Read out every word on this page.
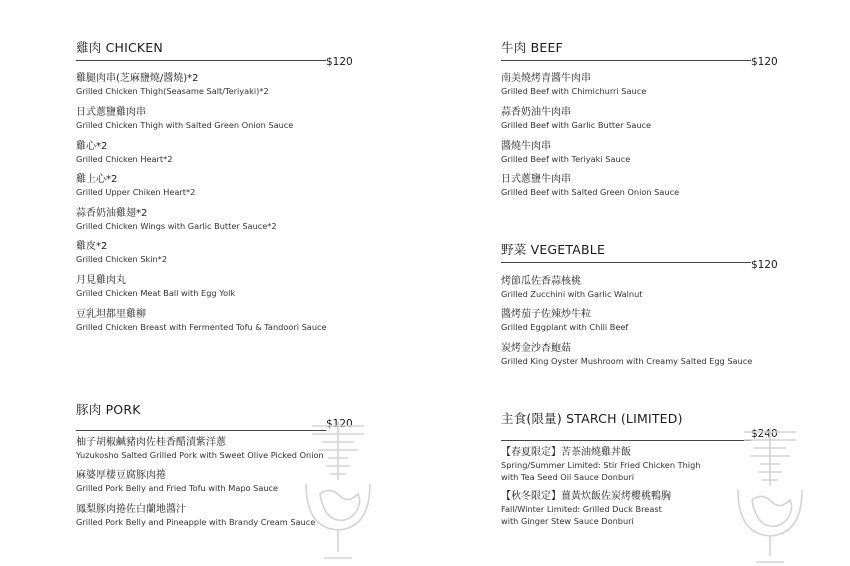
雞肉 CHICKEN
$120
雞腿肉串(芝麻鹽燒/醬燒)*2
Grilled Chicken Thigh(Seasame Salt/Teriyaki)*2
日式蔥鹽雞肉串
Grilled Chicken Thigh with Salted Green Onion Sauce
雞心*2
Grilled Chicken Heart*2
雞上心*2
Grilled Upper Chiken Heart*2
蒜香奶油雞翅*2
Grilled Chicken Wings with Garlic Butter Sauce*2
雞皮*2
Grilled Chicken Skin*2
月見雞肉丸
Grilled Chicken Meat Ball with Egg Yolk
豆乳坦都里雞柳
Grilled Chicken Breast with Fermented Tofu & Tandoori Sauce
豚肉 PORK
$120
柚子胡椒鹹豬肉佐桂香醋漬紫洋蔥
Yuzukosho Salted Grilled Pork with Sweet Olive Picked Onion
麻婆厚棲豆腐豚肉捲
Grilled Pork Belly and Fried Tofu with Mapo Sauce
鳳梨豚肉捲佐白蘭地醬汁
Grilled Pork Belly and Pineapple with Brandy Cream Sauce
牛肉 BEEF
$120
南美燒烤青醬牛肉串
Grilled Beef with Chimichurri Sauce
蒜香奶油牛肉串
Grilled Beef with Garlic Butter Sauce
醬燒牛肉串
Grilled Beef with Teriyaki Sauce
日式蔥鹽牛肉串
Grilled Beef with Salted Green Onion Sauce
野菜 VEGETABLE
$120
烤節瓜佐香蒜核桃
Grilled Zucchini with Garlic Walnut
醬烤茄子佐辣炒牛粒
Grilled Eggplant with Chili Beef
炭烤金沙杏鮑菇
Grilled King Oyster Mushroom with Creamy Salted Egg Sauce
主食(限量) STARCH (LIMITED)
$240
【春夏限定】苦茶油燒雞丼飯
Spring/Summer Limited: Stir Fried Chicken Thigh
with Tea Seed Oil Sauce Donburi
【秋冬限定】薑黃炊飯佐炭烤櫻桃鴨胸
Fall/Winter Limited: Grilled Duck Breast
with Ginger Stew Sauce Donburi
